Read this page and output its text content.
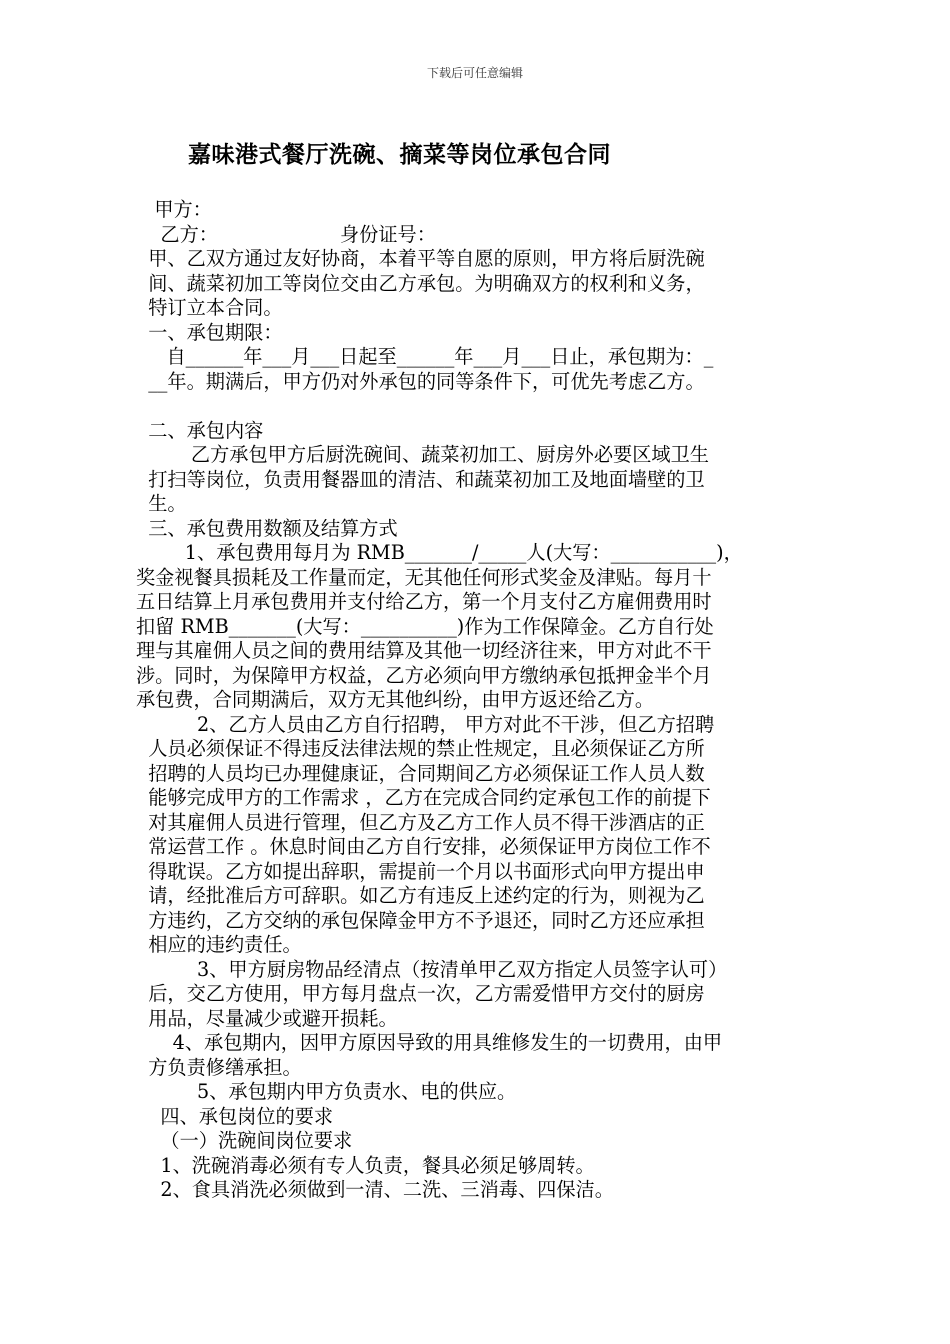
下载后可任意编辑
嘉味港式餐厅洗碗、摘菜等岗位承包合同

甲方：

乙方：                    身份证号：

甲、乙双方通过友好协商，本着平等自愿的原则，甲方将后厨洗碗

间、蔬菜初加工等岗位交由乙方承包。为明确双方的权利和义务，

特订立本合同。

一、承包期限：

自______年___月___日起至______年___月___日止，承包期为：_

__年。期满后，甲方仍对外承包的同等条件下，可优先考虑乙方。

二、承包内容

乙方承包甲方后厨洗碗间、蔬菜初加工、厨房外必要区域卫生

打扫等岗位，负责用餐器皿的清洁、和蔬菜初加工及地面墙壁的卫

生。

三、承包费用数额及结算方式

1、承包费用每月为 RMB_______/_____人(大写：___________)，

奖金视餐具损耗及工作量而定，无其他任何形式奖金及津贴。每月十

五日结算上月承包费用并支付给乙方，第一个月支付乙方雇佣费用时

扣留 RMB_______(大写：__________)作为工作保障金。乙方自行处

理与其雇佣人员之间的费用结算及其他一切经济往来，甲方对此不干

涉。同时，为保障甲方权益，乙方必须向甲方缴纳承包抵押金半个月

承包费，合同期满后，双方无其他纠纷，由甲方返还给乙方。

2、乙方人员由乙方自行招聘， 甲方对此不干涉，但乙方招聘

人员必须保证不得违反法律法规的禁止性规定，且必须保证乙方所

招聘的人员均已办理健康证，合同期间乙方必须保证工作人员人数

能够完成甲方的工作需求 ，乙方在完成合同约定承包工作的前提下

对其雇佣人员进行管理，但乙方及乙方工作人员不得干涉酒店的正

常运营工作 。休息时间由乙方自行安排，必须保证甲方岗位工作不

得耽误。乙方如提出辞职，需提前一个月以书面形式向甲方提出申

请，经批准后方可辞职。如乙方有违反上述约定的行为，则视为乙

方违约，乙方交纳的承包保障金甲方不予退还，同时乙方还应承担

相应的违约责任。

3、甲方厨房物品经清点（按清单甲乙双方指定人员签字认可）

后，交乙方使用，甲方每月盘点一次，乙方需爱惜甲方交付的厨房

用品，尽量减少或避开损耗。

4、承包期内，因甲方原因导致的用具维修发生的一切费用，由甲

方负责修缮承担。

5、承包期内甲方负责水、电的供应。

四、承包岗位的要求

（一）洗碗间岗位要求

1、洗碗消毒必须有专人负责，餐具必须足够周转。

2、食具消洗必须做到一清、二洗、三消毒、四保洁。
